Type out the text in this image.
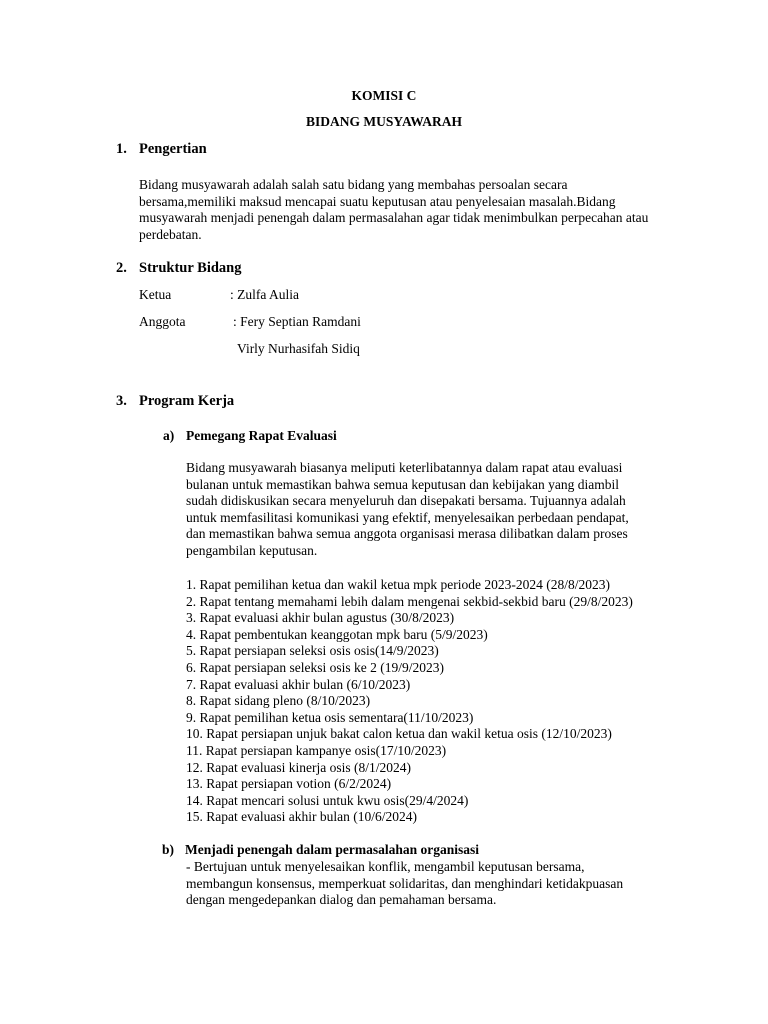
KOMISI C
BIDANG MUSYAWARAH
1. Pengertian
Bidang musyawarah adalah salah satu bidang yang membahas persoalan secara
bersama,memiliki maksud mencapai suatu keputusan atau penyelesaian masalah.Bidang
musyawarah menjadi penengah dalam permasalahan agar tidak menimbulkan perpecahan atau
perdebatan.
2. Struktur Bidang
Ketua	: Zulfa Aulia
Anggota	: Fery Septian Ramdani
Virly Nurhasifah Sidiq
3. Program Kerja
a) Pemegang Rapat Evaluasi
Bidang musyawarah biasanya meliputi keterlibatannya dalam rapat atau evaluasi
bulanan untuk memastikan bahwa semua keputusan dan kebijakan yang diambil
sudah didiskusikan secara menyeluruh dan disepakati bersama. Tujuannya adalah
untuk memfasilitasi komunikasi yang efektif, menyelesaikan perbedaan pendapat,
dan memastikan bahwa semua anggota organisasi merasa dilibatkan dalam proses
pengambilan keputusan.
1. Rapat pemilihan ketua dan wakil ketua mpk periode 2023-2024 (28/8/2023)
2. Rapat tentang memahami lebih dalam mengenai sekbid-sekbid baru (29/8/2023)
3. Rapat evaluasi akhir bulan agustus (30/8/2023)
4. Rapat pembentukan keanggotan mpk baru (5/9/2023)
5. Rapat persiapan seleksi osis osis(14/9/2023)
6. Rapat persiapan seleksi osis ke 2 (19/9/2023)
7. Rapat evaluasi akhir bulan (6/10/2023)
8. Rapat sidang pleno (8/10/2023)
9. Rapat pemilihan ketua osis sementara(11/10/2023)
10. Rapat persiapan unjuk bakat calon ketua dan wakil ketua osis (12/10/2023)
11. Rapat persiapan kampanye osis(17/10/2023)
12. Rapat evaluasi kinerja osis (8/1/2024)
13. Rapat persiapan votion (6/2/2024)
14. Rapat mencari solusi untuk kwu osis(29/4/2024)
15. Rapat evaluasi akhir bulan (10/6/2024)
b) Menjadi penengah dalam permasalahan organisasi
- Bertujuan untuk menyelesaikan konflik, mengambil keputusan bersama,
membangun konsensus, memperkuat solidaritas, dan menghindari ketidakpuasan
dengan mengedepankan dialog dan pemahaman bersama.
